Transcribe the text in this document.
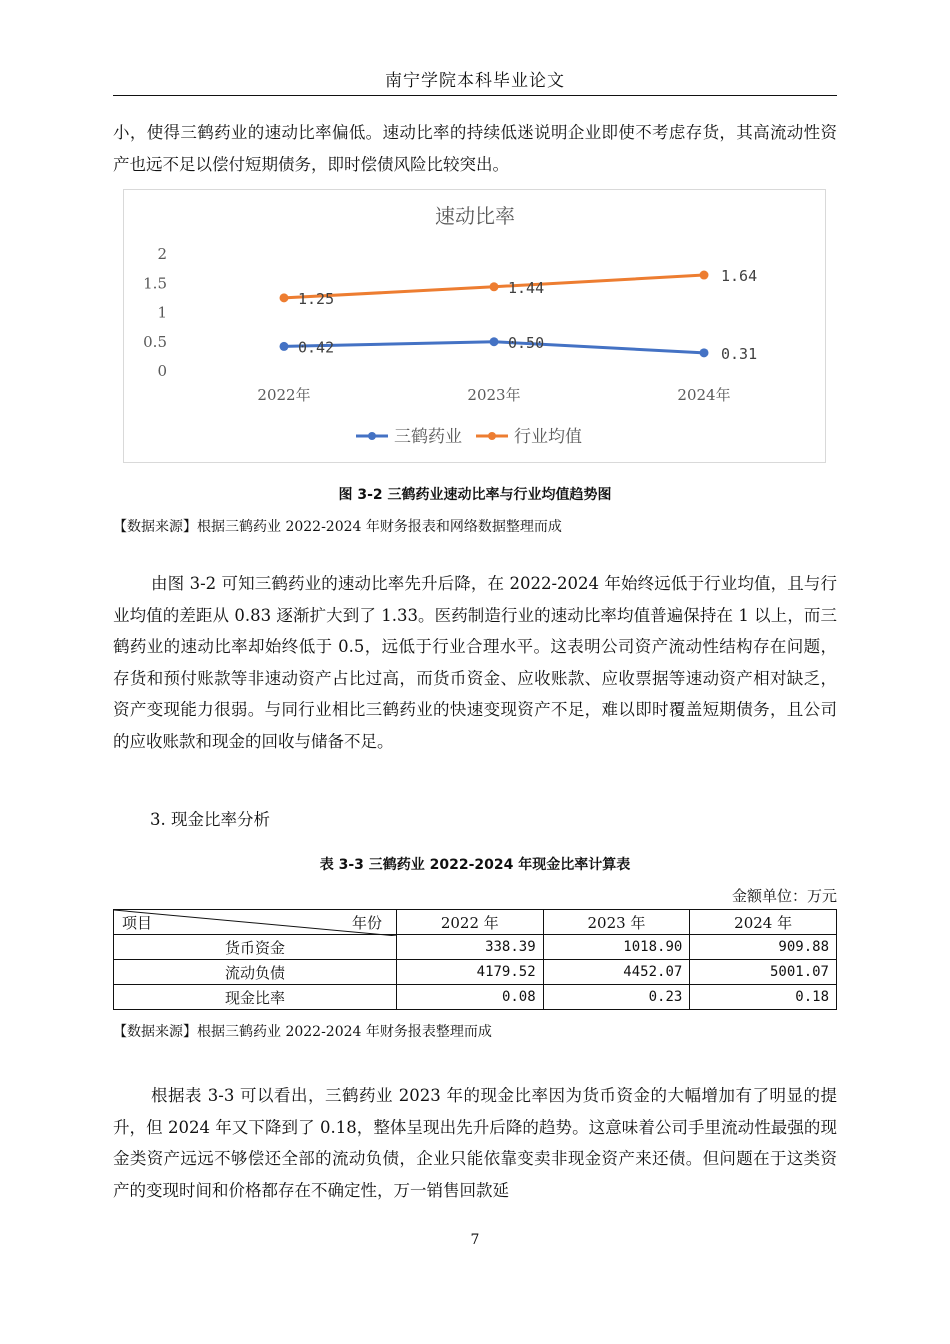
南宁学院本科毕业论文

小，使得三鹤药业的速动比率偏低。速动比率的持续低迷说明企业即使不考虑存货，其高流动性资产也远不足以偿付短期债务，即时偿债风险比较突出。

速动比率
0
0.5
1
1.5
2
2022年	2023年	2024年
0.42	0.50
0.31
1.25
1.44
1.64
三鹤药业	行业均值
图 3-2 三鹤药业速动比率与行业均值趋势图
【数据来源】根据三鹤药业 2022-2024 年财务报表和网络数据整理而成

由图 3-2 可知三鹤药业的速动比率先升后降，在 2022-2024 年始终远低于行业均值，且与行业均值的差距从 0.83 逐渐扩大到了 1.33。医药制造行业的速动比率均值普遍保持在 1 以上，而三鹤药业的速动比率却始终低于 0.5，远低于行业合理水平。这表明公司资产流动性结构存在问题，存货和预付账款等非速动资产占比过高，而货币资金、应收账款、应收票据等速动资产相对缺乏，资产变现能力很弱。与同行业相比三鹤药业的快速变现资产不足，难以即时覆盖短期债务，且公司的应收账款和现金的回收与储备不足。

3. 现金比率分析
表 3-3 三鹤药业 2022-2024 年现金比率计算表
金额单位：万元
项目 年份	2022 年	2023 年	2024 年
货币资金	338.39	1018.90	909.88
流动负债	4179.52	4452.07	5001.07
现金比率	0.08	0.23	0.18
【数据来源】根据三鹤药业 2022-2024 年财务报表整理而成

根据表 3-3 可以看出，三鹤药业 2023 年的现金比率因为货币资金的大幅增加有了明显的提升，但 2024 年又下降到了 0.18，整体呈现出先升后降的趋势。这意味着公司手里流动性最强的现金类资产远远不够偿还全部的流动负债，企业只能依靠变卖非现金资产来还债。但问题在于这类资产的变现时间和价格都存在不确定性，万一销售回款延

7
